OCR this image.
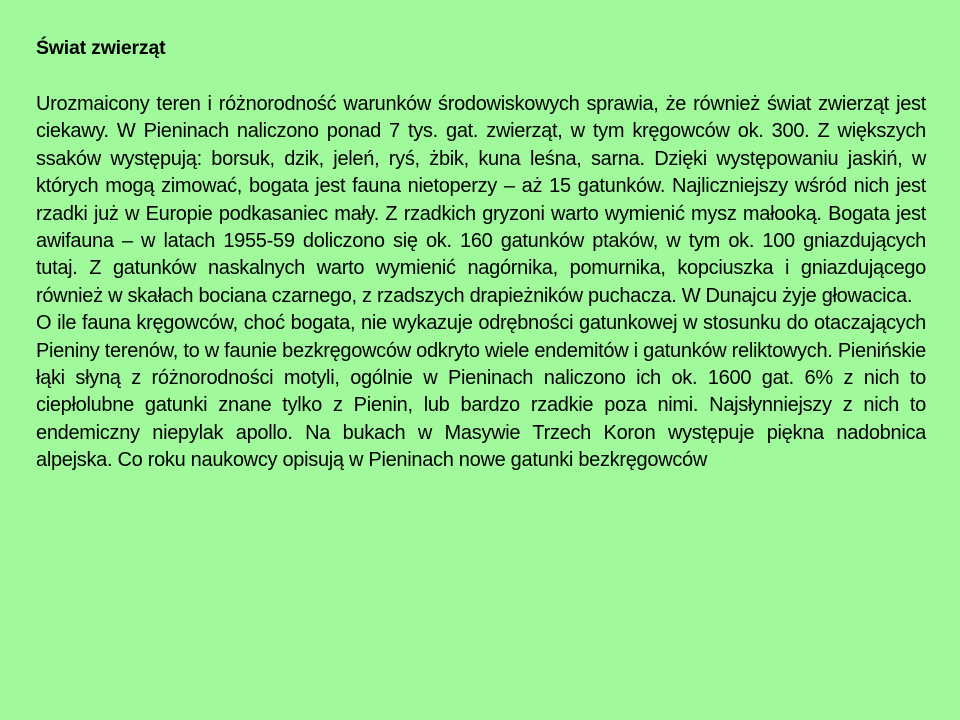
Świat zwierząt

Urozmaicony teren i różnorodność warunków środowiskowych sprawia, że również świat zwierząt jest ciekawy. W Pieninach naliczono ponad 7 tys. gat. zwierząt, w tym kręgowców ok. 300. Z większych ssaków występują: borsuk, dzik, jeleń, ryś, żbik, kuna leśna, sarna. Dzięki występowaniu jaskiń, w których mogą zimować, bogata jest fauna nietoperzy – aż 15 gatunków. Najliczniejszy wśród nich jest rzadki już w Europie podkasaniec mały. Z rzadkich gryzoni warto wymienić mysz małooką. Bogata jest awifauna – w latach 1955-59 doliczono się ok. 160 gatunków ptaków, w tym ok. 100 gniazdujących tutaj. Z gatunków naskalnych warto wymienić nagórnika, pomurnika, kopciuszka i gniazdującego również w skałach bociana czarnego, z rzadszych drapieżników puchacza. W Dunajcu żyje głowacica.

O ile fauna kręgowców, choć bogata, nie wykazuje odrębności gatunkowej w stosunku do otaczających Pieniny terenów, to w faunie bezkręgowców odkryto wiele endemitów i gatunków reliktowych. Pienińskie łąki słyną z różnorodności motyli, ogólnie w Pieninach naliczono ich ok. 1600 gat. 6% z nich to ciepłolubne gatunki znane tylko z Pienin, lub bardzo rzadkie poza nimi. Najsłynniejszy z nich to endemiczny niepylak apollo. Na bukach w Masywie Trzech Koron występuje piękna nadobnica alpejska. Co roku naukowcy opisują w Pieninach nowe gatunki bezkręgowców
